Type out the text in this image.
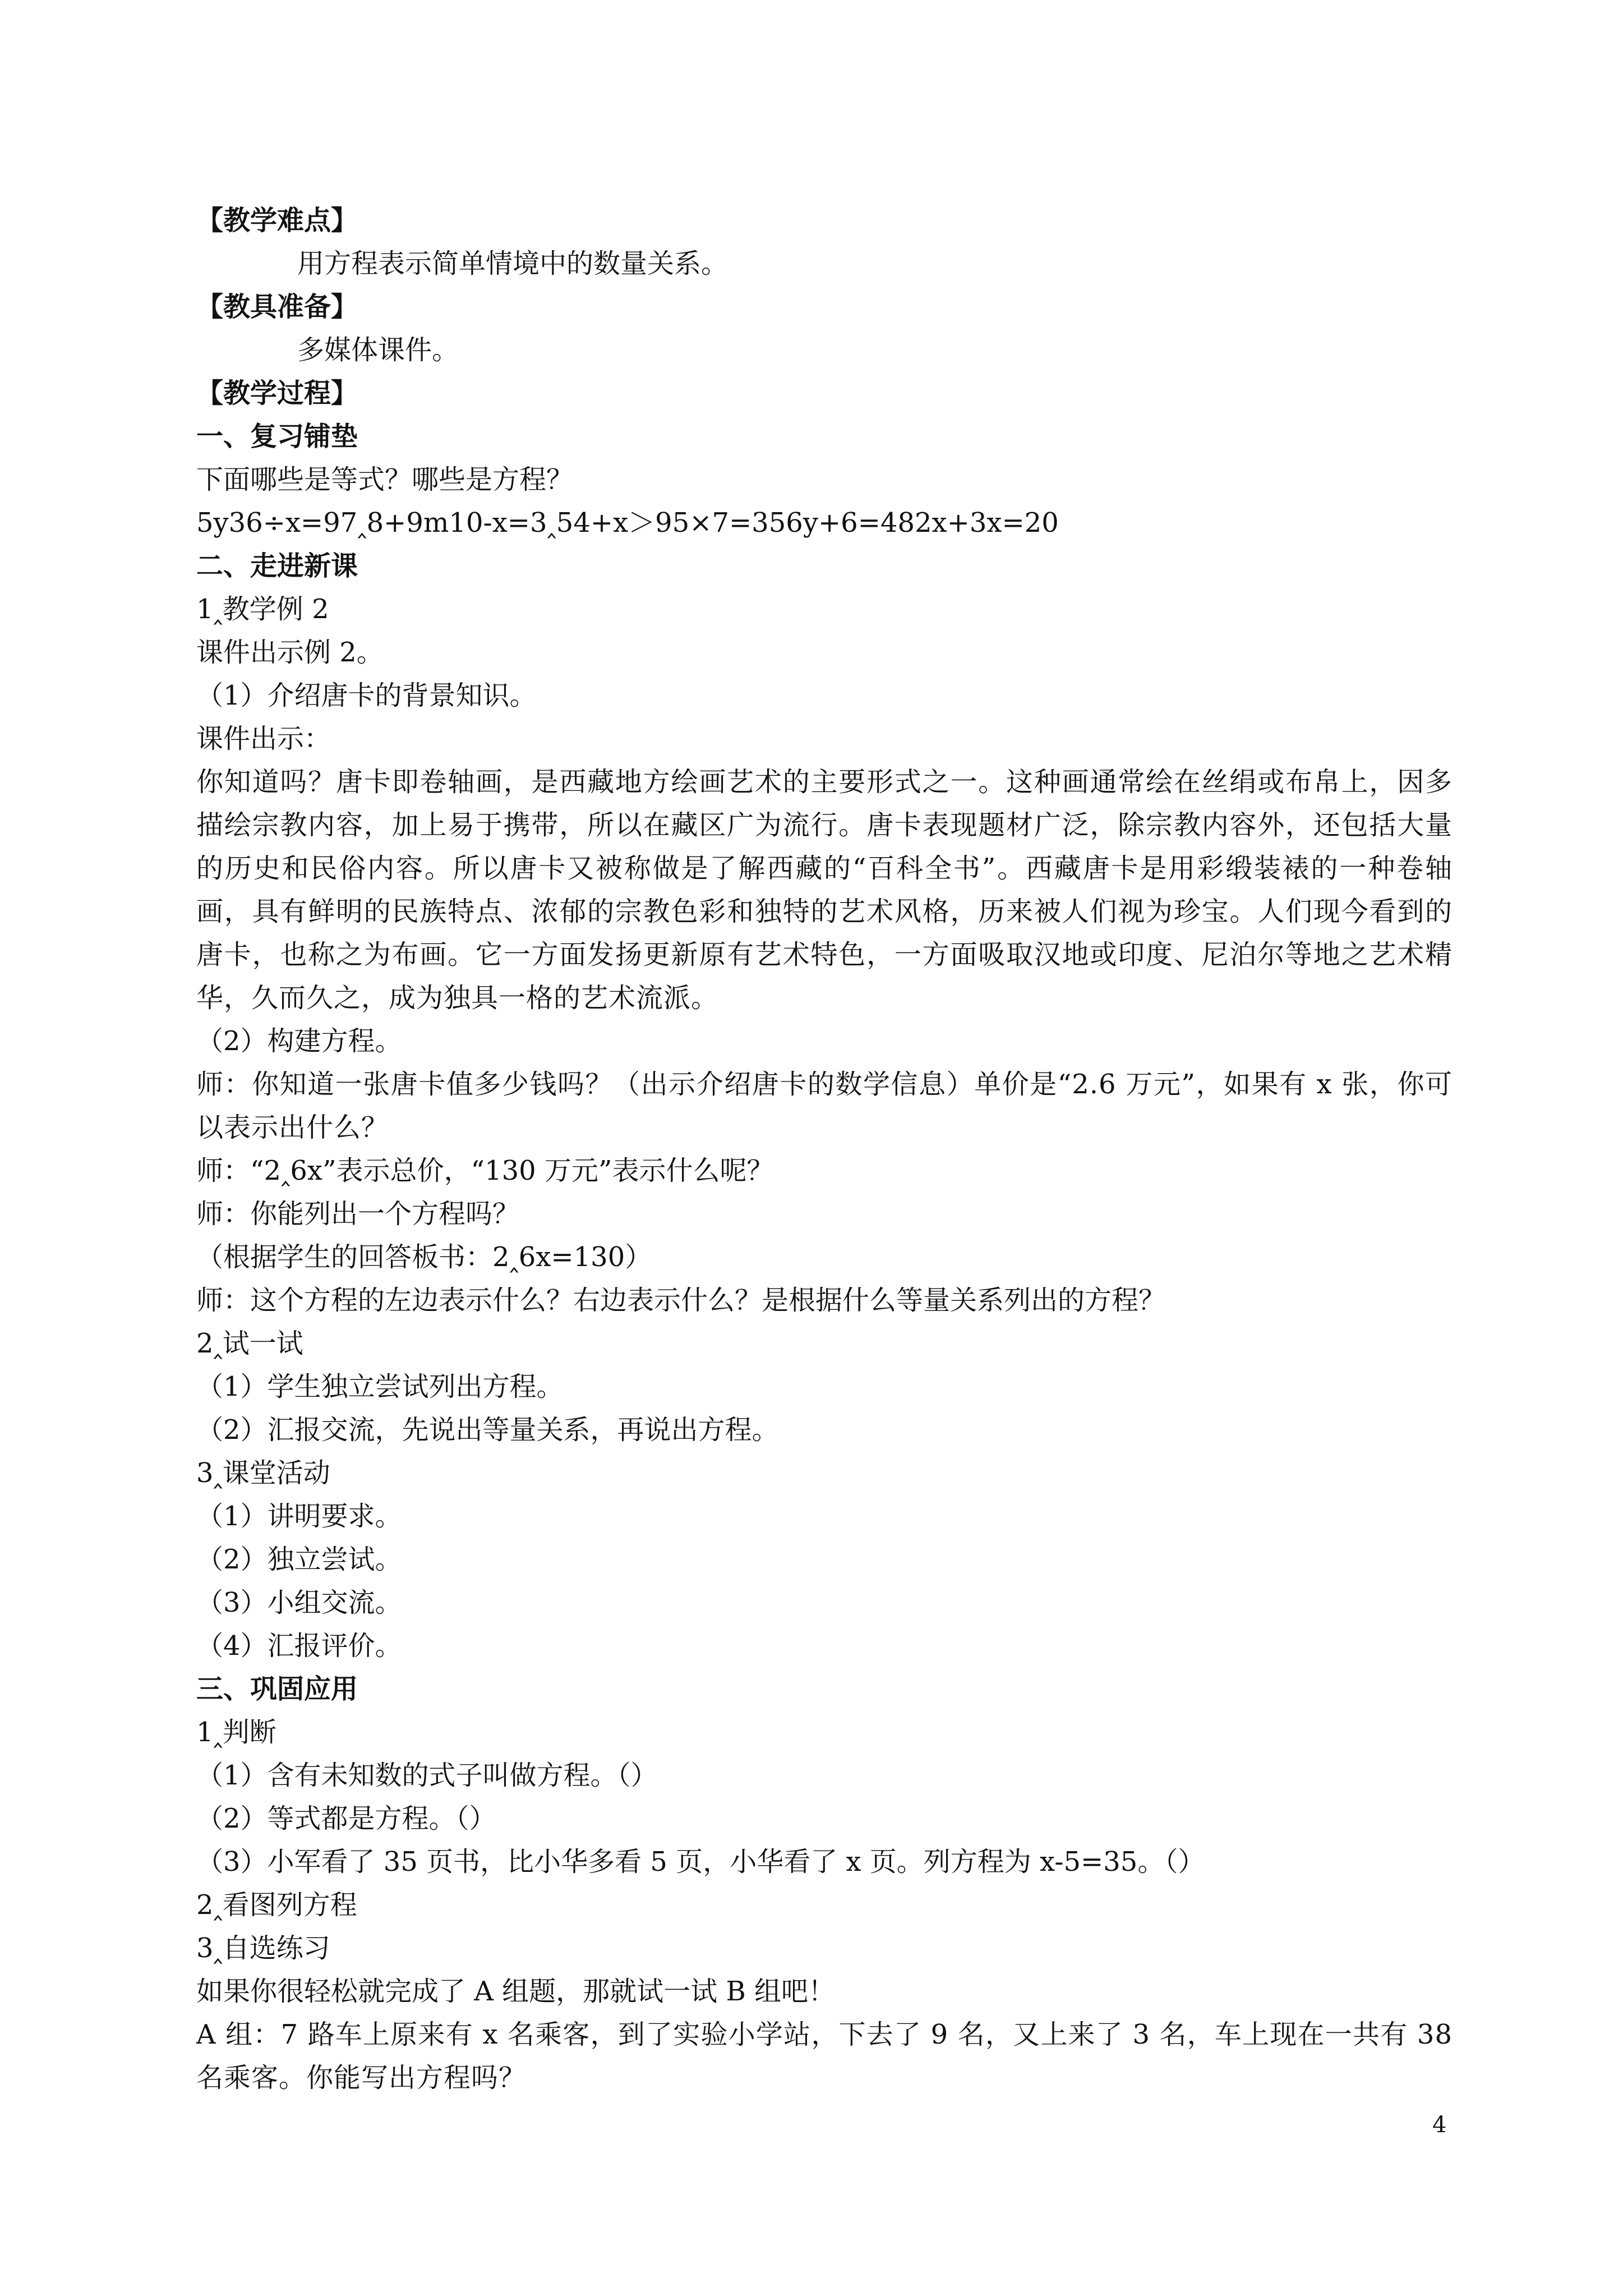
【教学难点】
用方程表示简单情境中的数量关系。
【教具准备】
多媒体课件。
【教学过程】
一、复习铺垫
下面哪些是等式？哪些是方程？
5y36÷x=97‸8+9m10-x=3‸54+x＞95×7=356y+6=482x+3x=20
二、走进新课
1‸教学例 2
课件出示例 2。
（1）介绍唐卡的背景知识。
课件出示：
你知道吗？唐卡即卷轴画，是西藏地方绘画艺术的主要形式之一。这种画通常绘在丝绢或布帛上，因多描绘宗教内容，加上易于携带，所以在藏区广为流行。唐卡表现题材广泛，除宗教内容外，还包括大量的历史和民俗内容。所以唐卡又被称做是了解西藏的“百科全书”。西藏唐卡是用彩缎装裱的一种卷轴画，具有鲜明的民族特点、浓郁的宗教色彩和独特的艺术风格，历来被人们视为珍宝。人们现今看到的唐卡，也称之为布画。它一方面发扬更新原有艺术特色，一方面吸取汉地或印度、尼泊尔等地之艺术精华，久而久之，成为独具一格的艺术流派。
（2）构建方程。
师：你知道一张唐卡值多少钱吗？（出示介绍唐卡的数学信息）单价是“2.6 万元”，如果有 x 张，你可以表示出什么？
师：“2‸6x”表示总价，“130 万元”表示什么呢？
师：你能列出一个方程吗？
（根据学生的回答板书：2‸6x=130）
师：这个方程的左边表示什么？右边表示什么？是根据什么等量关系列出的方程？
2‸试一试
（1）学生独立尝试列出方程。
（2）汇报交流，先说出等量关系，再说出方程。
3‸课堂活动
（1）讲明要求。
（2）独立尝试。
（3）小组交流。
（4）汇报评价。
三、巩固应用
1‸判断
（1）含有未知数的式子叫做方程。（）
（2）等式都是方程。（）
（3）小军看了 35 页书，比小华多看 5 页，小华看了 x 页。列方程为 x-5=35。（）
2‸看图列方程
3‸自选练习
如果你很轻松就完成了 A 组题，那就试一试 B 组吧！
A 组：7 路车上原来有 x 名乘客，到了实验小学站，下去了 9 名，又上来了 3 名，车上现在一共有 38 名乘客。你能写出方程吗？
4
